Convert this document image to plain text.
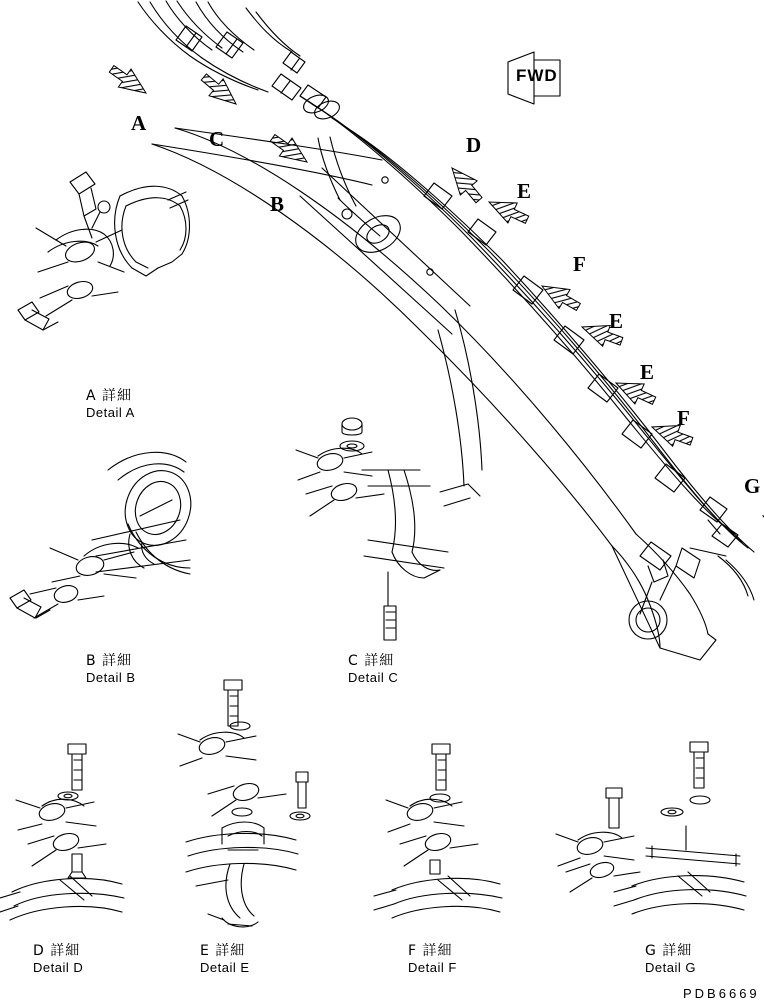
A
C
B
D
E
F
E
E
F
G
FWD
A 詳細
Detail A
B 詳細
Detail B
C 詳細
Detail C
D 詳細
Detail D
E 詳細
Detail E
F 詳細
Detail F
G 詳細
Detail G
PDB6669
